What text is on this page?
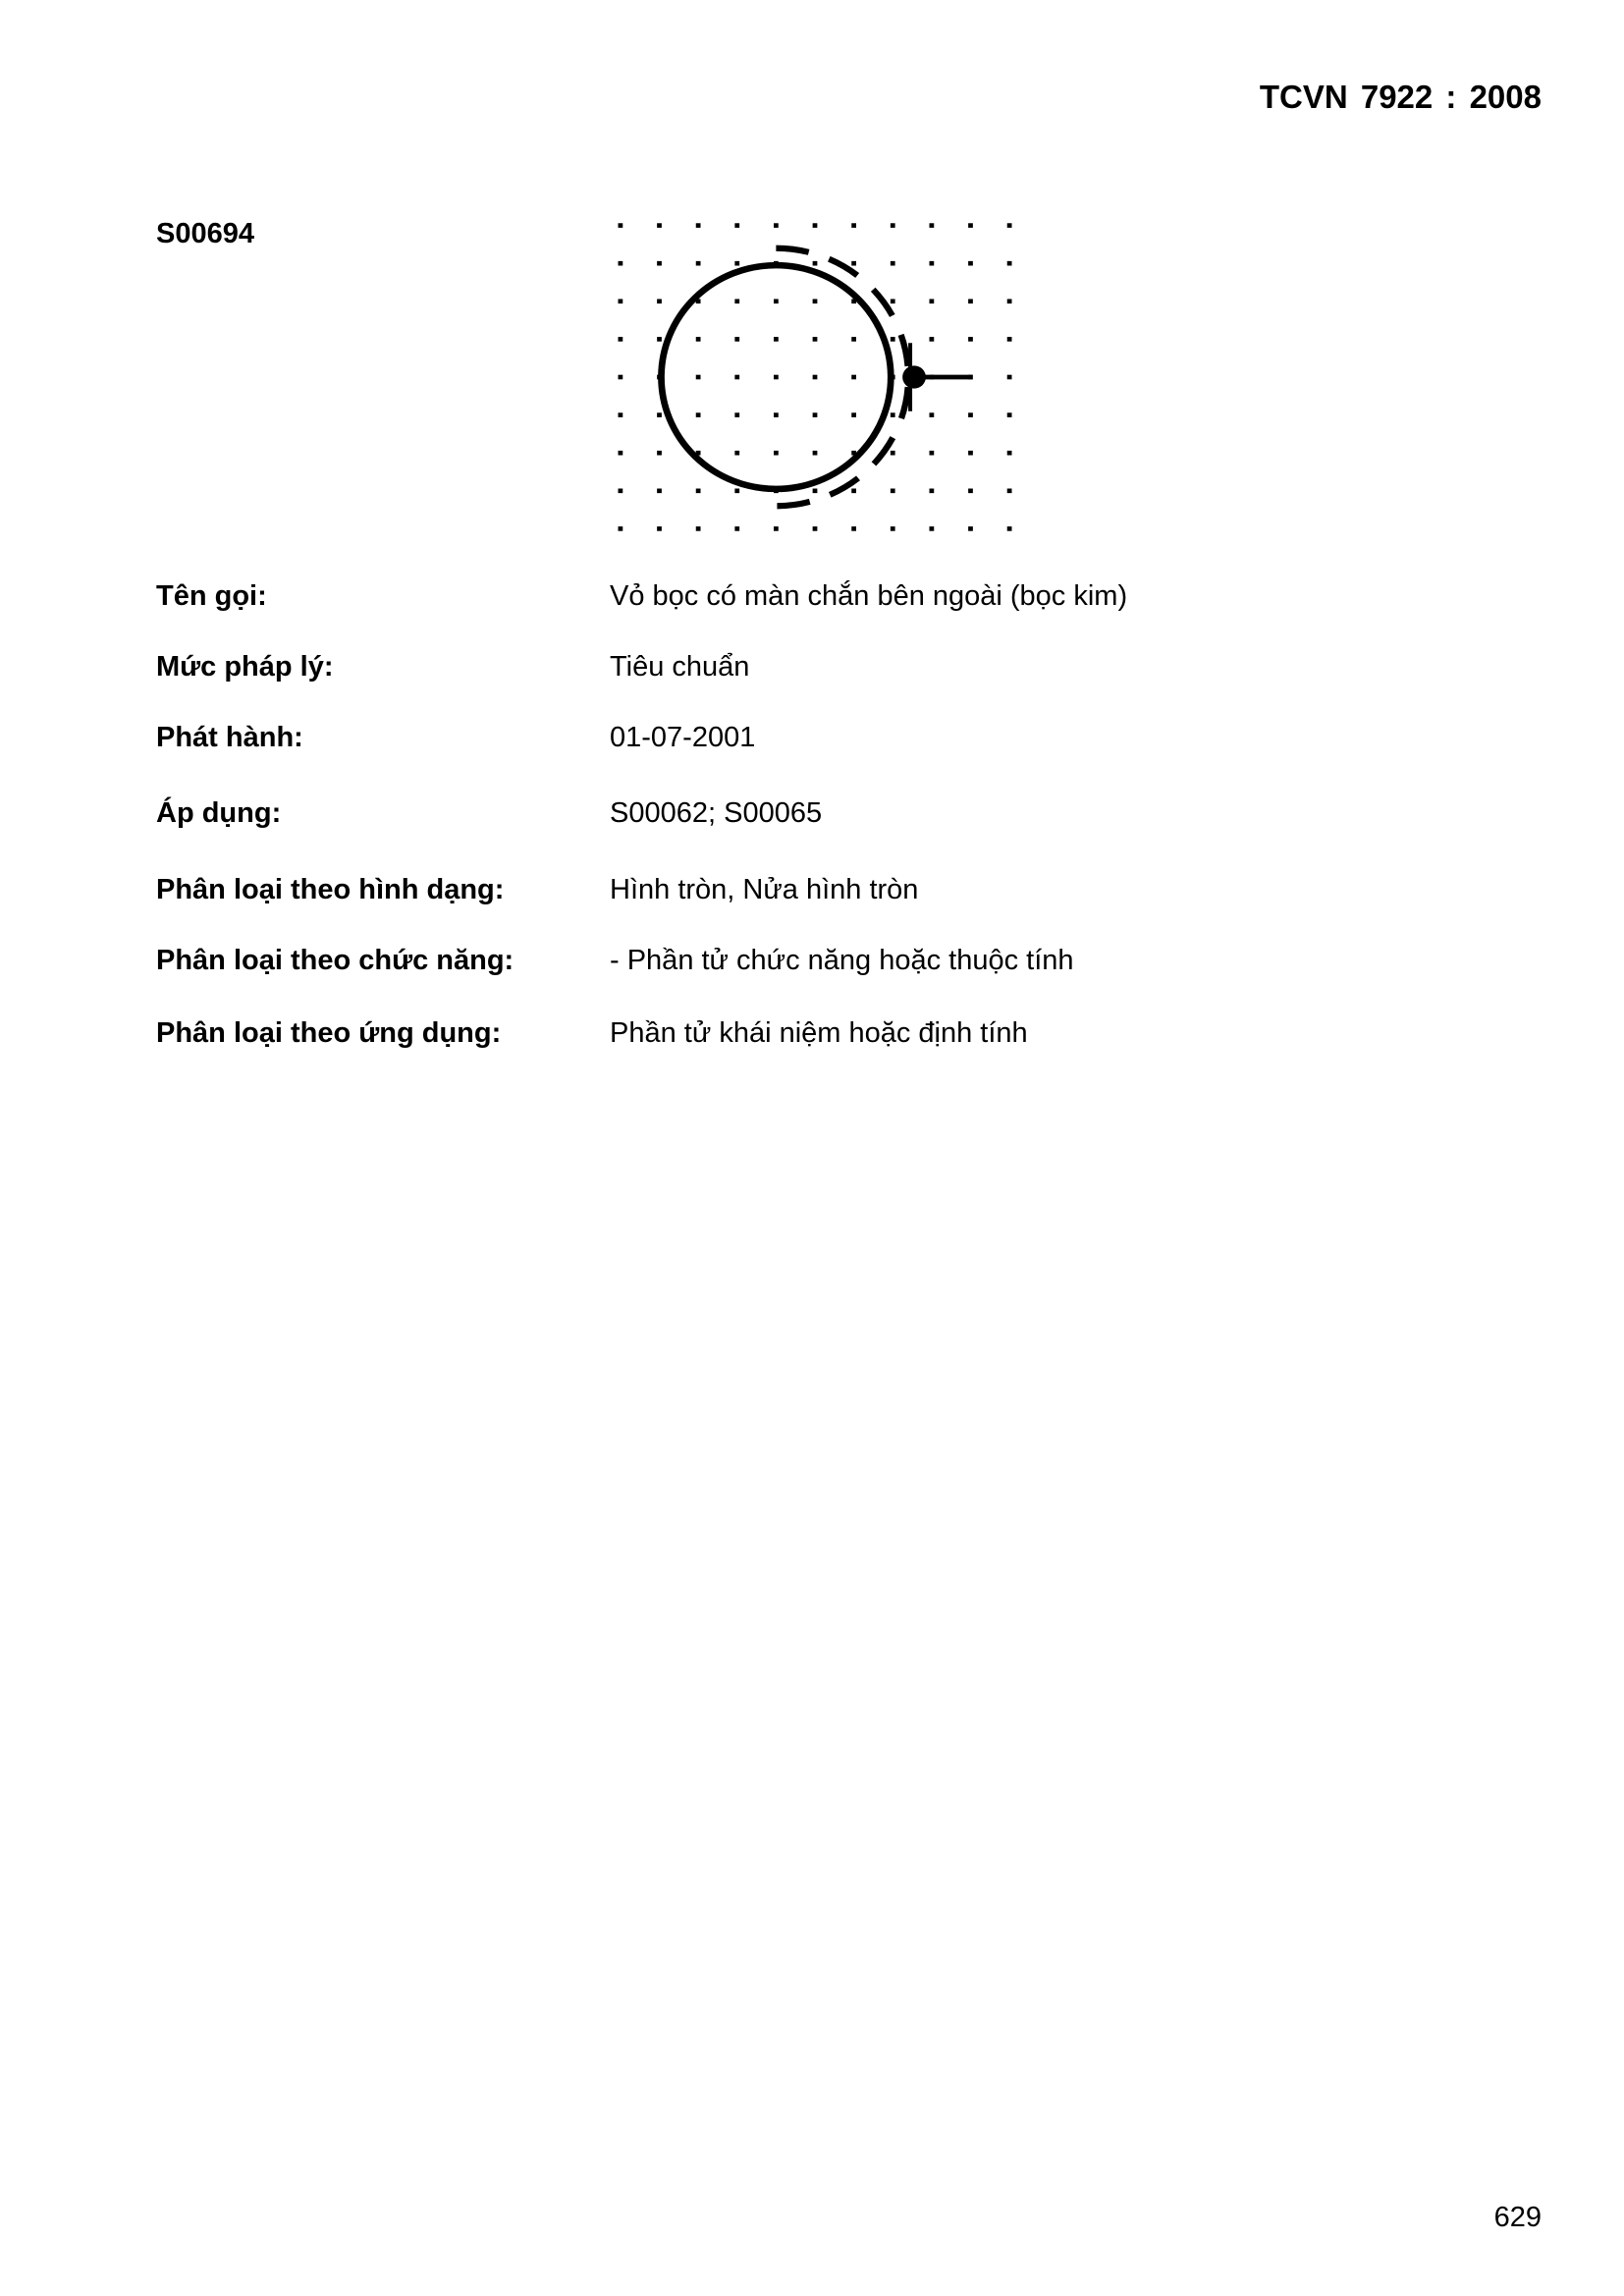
TCVN 7922 : 2008
S00694
Tên gọi:	Vỏ bọc có màn chắn bên ngoài (bọc kim)
Mức pháp lý:	Tiêu chuẩn
Phát hành:	01-07-2001
Áp dụng:	S00062; S00065
Phân loại theo hình dạng:	Hình tròn, Nửa hình tròn
Phân loại theo chức năng:	- Phần tử chức năng hoặc thuộc tính
Phân loại theo ứng dụng:	Phần tử khái niệm hoặc định tính
629
